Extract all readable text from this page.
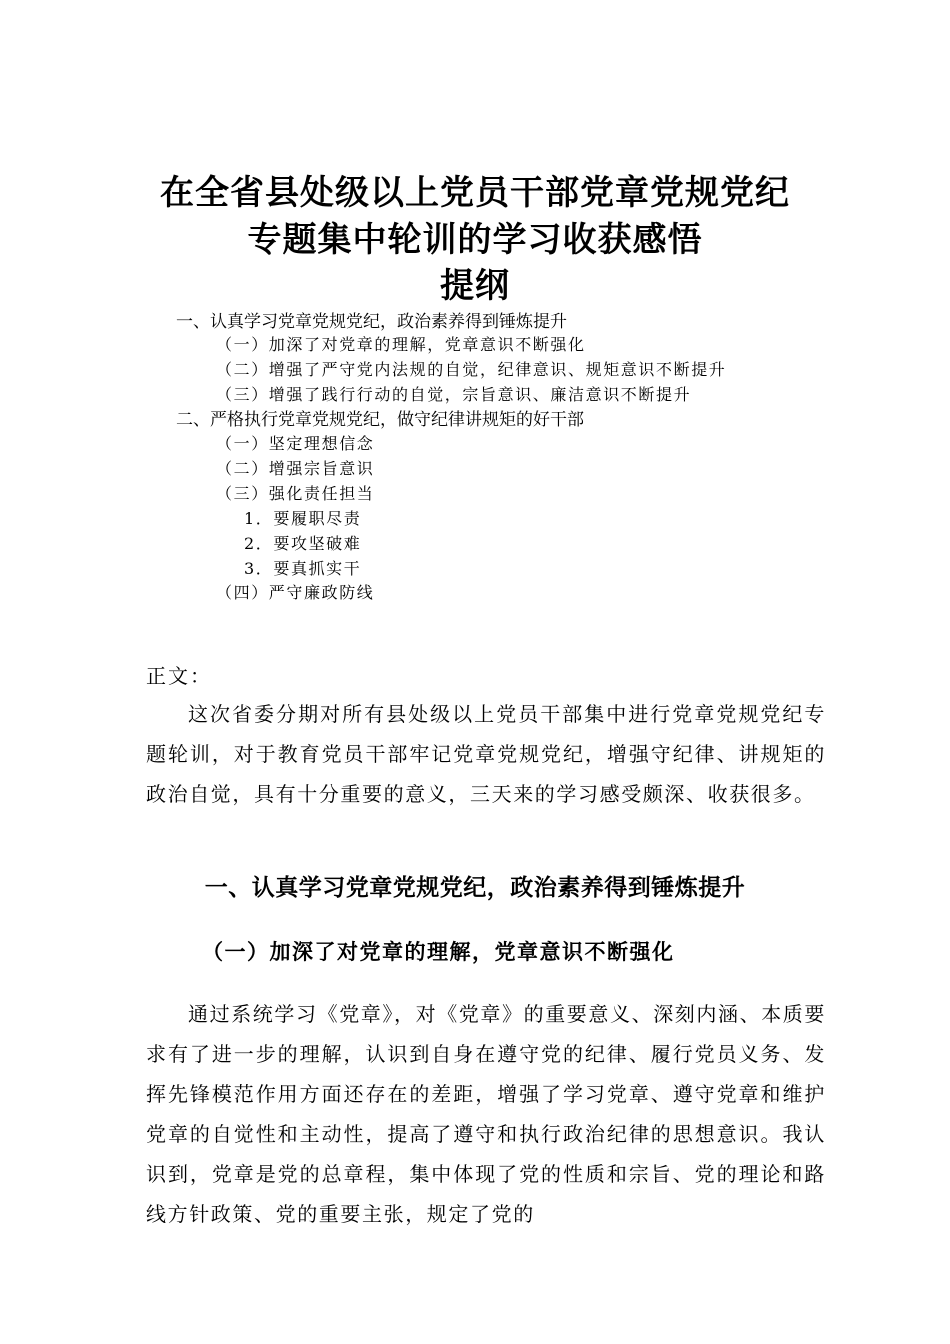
在全省县处级以上党员干部党章党规党纪
专题集中轮训的学习收获感悟
提纲
一、认真学习党章党规党纪，政治素养得到锤炼提升
（一）加深了对党章的理解，党章意识不断强化
（二）增强了严守党内法规的自觉，纪律意识、规矩意识不断提升
（三）增强了践行行动的自觉，宗旨意识、廉洁意识不断提升
二、严格执行党章党规党纪，做守纪律讲规矩的好干部
（一）坚定理想信念
（二）增强宗旨意识
（三）强化责任担当
1．要履职尽责
2．要攻坚破难
3．要真抓实干
（四）严守廉政防线
正文：

这次省委分期对所有县处级以上党员干部集中进行党章党规党纪专题轮训，对于教育党员干部牢记党章党规党纪，增强守纪律、讲规矩的政治自觉，具有十分重要的意义，三天来的学习感受颇深、收获很多。

一、认真学习党章党规党纪，政治素养得到锤炼提升
（一）加深了对党章的理解，党章意识不断强化

通过系统学习《党章》，对《党章》的重要意义、深刻内涵、本质要求有了进一步的理解，认识到自身在遵守党的纪律、履行党员义务、发挥先锋模范作用方面还存在的差距，增强了学习党章、遵守党章和维护党章的自觉性和主动性，提高了遵守和执行政治纪律的思想意识。我认识到，党章是党的总章程，集中体现了党的性质和宗旨、党的理论和路线方针政策、党的重要主张，规定了党的
